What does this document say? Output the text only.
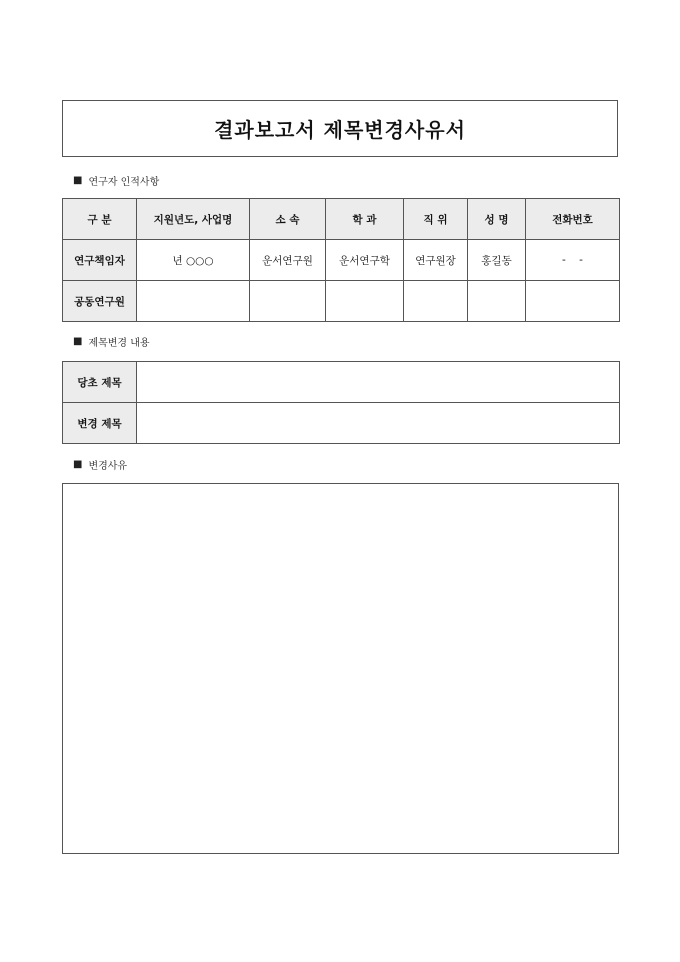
결과보고서 제목변경사유서
■ 연구자 인적사항
구 분	지원년도, 사업명	소 속	학 과	직 위	성 명	전화번호
연구책임자	년 ○○○	운서연구원	운서연구학	연구원장	홍길동	-    -
공동연구원						
■ 제목변경 내용
당초 제목	
변경 제목	
■ 변경사유
